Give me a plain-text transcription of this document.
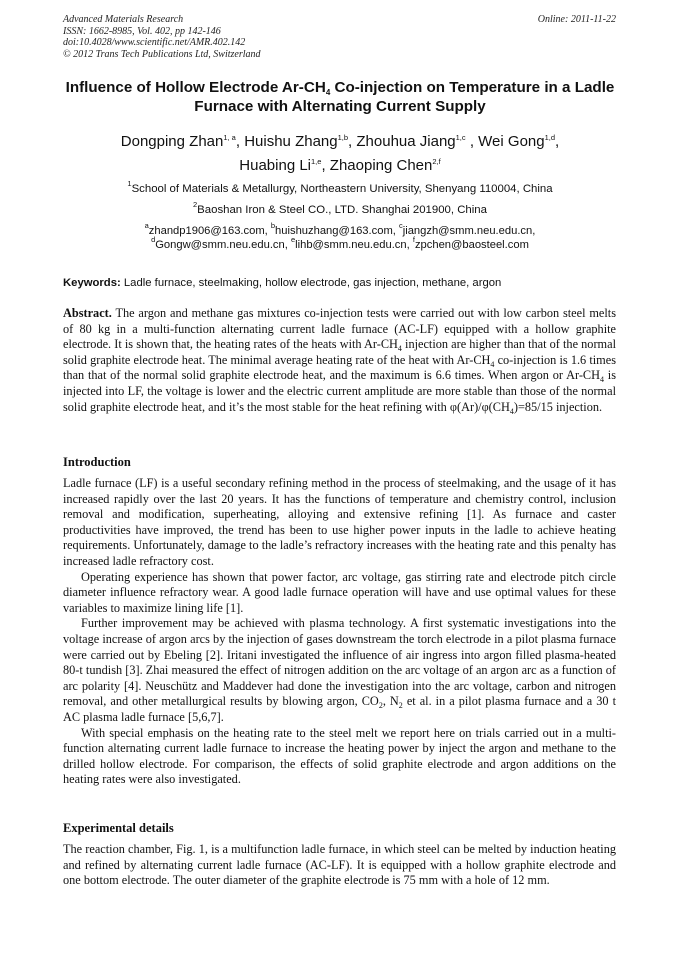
Advanced Materials Research
ISSN: 1662-8985, Vol. 402, pp 142-146
doi:10.4028/www.scientific.net/AMR.402.142
© 2012 Trans Tech Publications Ltd, Switzerland
Online: 2011-11-22
Influence of Hollow Electrode $Ar-CH_4$ Co-injection on Temperature in a Ladle Furnace with Alternating Current Supply
Dongping Zhan$^{1, a}$, Huishu Zhang$^{1,b}$, Zhouhua Jiang$^{1,c}$ , Wei Gong$^{1,d}$,
Huabing Li$^{1,e}$, Zhaoping Chen$^{2,f}$
$^1$School of Materials & Metallurgy, Northeastern University, Shenyang 110004, China
$^2$Baoshan Iron & Steel CO., LTD. Shanghai 201900, China
$^a$zhandp1906@163.com, $^b$huishuzhang@163.com, $^c$jiangzh@smm.neu.edu.cn,
$^d$Gongw@smm.neu.edu.cn, $^e$lihb@smm.neu.edu.cn, $^f$zpchen@baosteel.com
Keywords: Ladle furnace, steelmaking, hollow electrode, gas injection, methane, argon

Abstract. The argon and methane gas mixtures co-injection tests were carried out with low carbon steel melts of 80 kg in a multi-function alternating current ladle furnace (AC-LF) equipped with a hollow graphite electrode. It is shown that, the heating rates of the heats with $Ar-CH_4$ injection are higher than that of the normal solid graphite electrode heat. The minimal average heating rate of the heat with $Ar-CH_4$ co-injection is 1.6 times than that of the normal solid graphite electrode heat, and the maximum is 6.6 times. When argon or $Ar-CH_4$ is injected into LF, the voltage is lower and the electric current amplitude are more stable than those of the normal solid graphite electrode heat, and it’s the most stable for the heat refining with $\varphi(Ar)/\varphi(CH_4)=85/15$ injection.

Introduction

Ladle furnace (LF) is a useful secondary refining method in the process of steelmaking, and the usage of it has increased rapidly over the last 20 years. It has the functions of temperature and chemistry control, inclusion removal and modification, superheating, alloying and extensive refining [1]. As furnace and caster productivities have improved, the trend has been to use higher power inputs in the ladle to achieve heating requirements. Unfortunately, damage to the ladle’s refractory increases with the heating rate and this penalty has increased ladle refractory cost.

Operating experience has shown that power factor, arc voltage, gas stirring rate and electrode pitch circle diameter influence refractory wear. A good ladle furnace operation will have and use optimal values for these variables to maximize lining life [1].

Further improvement may be achieved with plasma technology. A first systematic investigations into the voltage increase of argon arcs by the injection of gases downstream the torch electrode in a pilot plasma furnace were carried out by Ebeling [2]. Iritani investigated the influence of air ingress into argon filled plasma-heated 80-t tundish [3]. Zhai measured the effect of nitrogen addition on the arc voltage of an argon arc as a function of arc polarity [4]. Neuschütz and Maddever had done the investigation into the arc voltage, carbon and nitrogen removal, and other metallurgical results by blowing argon, $CO_2$, $N_2$ et al. in a pilot plasma furnace and a 30 t AC plasma ladle furnace [5,6,7].

With special emphasis on the heating rate to the steel melt we report here on trials carried out in a multi-function alternating current ladle furnace to increase the heating power by inject the argon and methane to the drilled hollow electrode. For comparison, the effects of solid graphite electrode and argon additions on the heating rates were also investigated.

Experimental details

The reaction chamber, Fig. 1, is a multifunction ladle furnace, in which steel can be melted by induction heating and refined by alternating current ladle furnace (AC-LF). It is equipped with a hollow graphite electrode and one bottom electrode. The outer diameter of the graphite electrode is 75 mm with a hole of 12 mm.
